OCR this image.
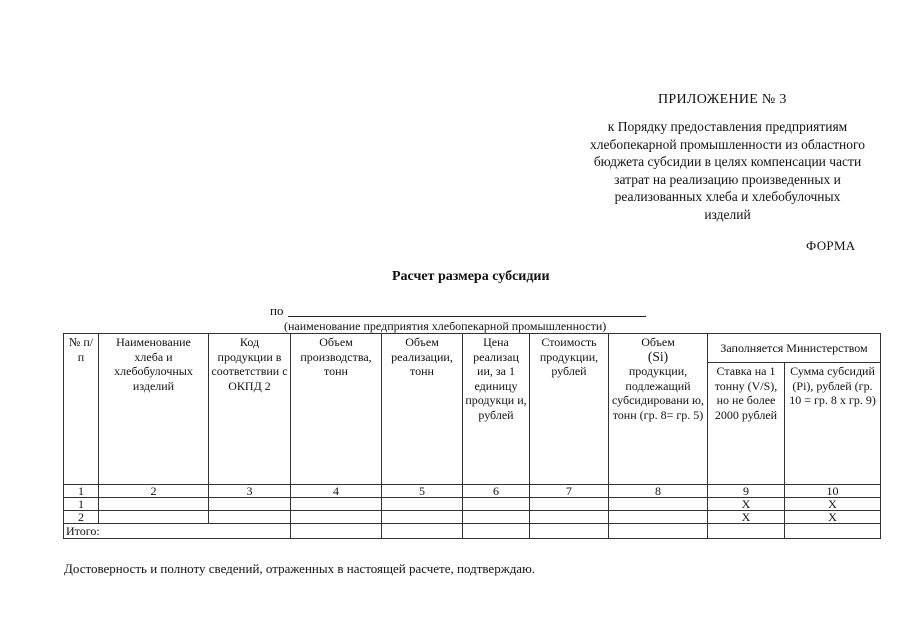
ПРИЛОЖЕНИЕ № 3
к Порядку предоставления предприятиям хлебопекарной промышленности из областного бюджета субсидии в целях компенсации части затрат на реализацию произведенных и реализованных хлеба и хлебобулочных изделий
ФОРМА
Расчет размера субсидии
по
(наименование предприятия хлебопекарной промышленности)
№ п/п	Наименование хлеба и хлебобулочных изделий	Код продукции в соответствии с ОКПД 2	Объем производства, тонн	Объем реализации, тонн	Цена реализац ии, за 1 единицу продукци и, рублей	Стоимость продукции, рублей	Объем
(Si)
продукции, подлежащий субсидировани ю, тонн (гр. 8= гр. 5)	Заполняется Министерством	

								Ставка на 1 тонну (V/S), но не более 2000 рублей	Сумма субсидий (Pi), рублей (гр. 10 = гр. 8 х гр. 9)

1	2	3	4	5	6	7	8	9	10
1								X	X
2								X	X
Итого:									
Достоверность и полноту сведений, отраженных в настоящей расчете, подтверждаю.
